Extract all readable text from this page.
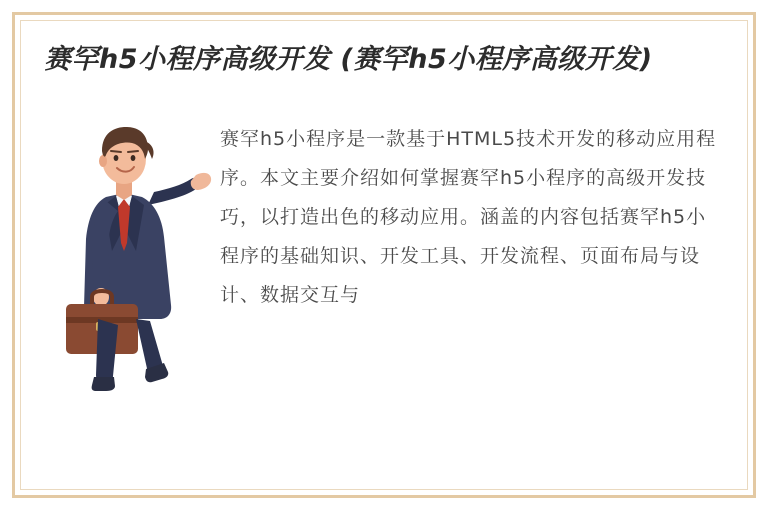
赛罕h5小程序高级开发 (赛罕h5小程序高级开发)

赛罕h5小程序是一款基于HTML5技术开发的移动应用程序。本文主要介绍如何掌握赛罕h5小程序的高级开发技巧，以打造出色的移动应用。涵盖的内容包括赛罕h5小程序的基础知识、开发工具、开发流程、页面布局与设计、数据交互与
